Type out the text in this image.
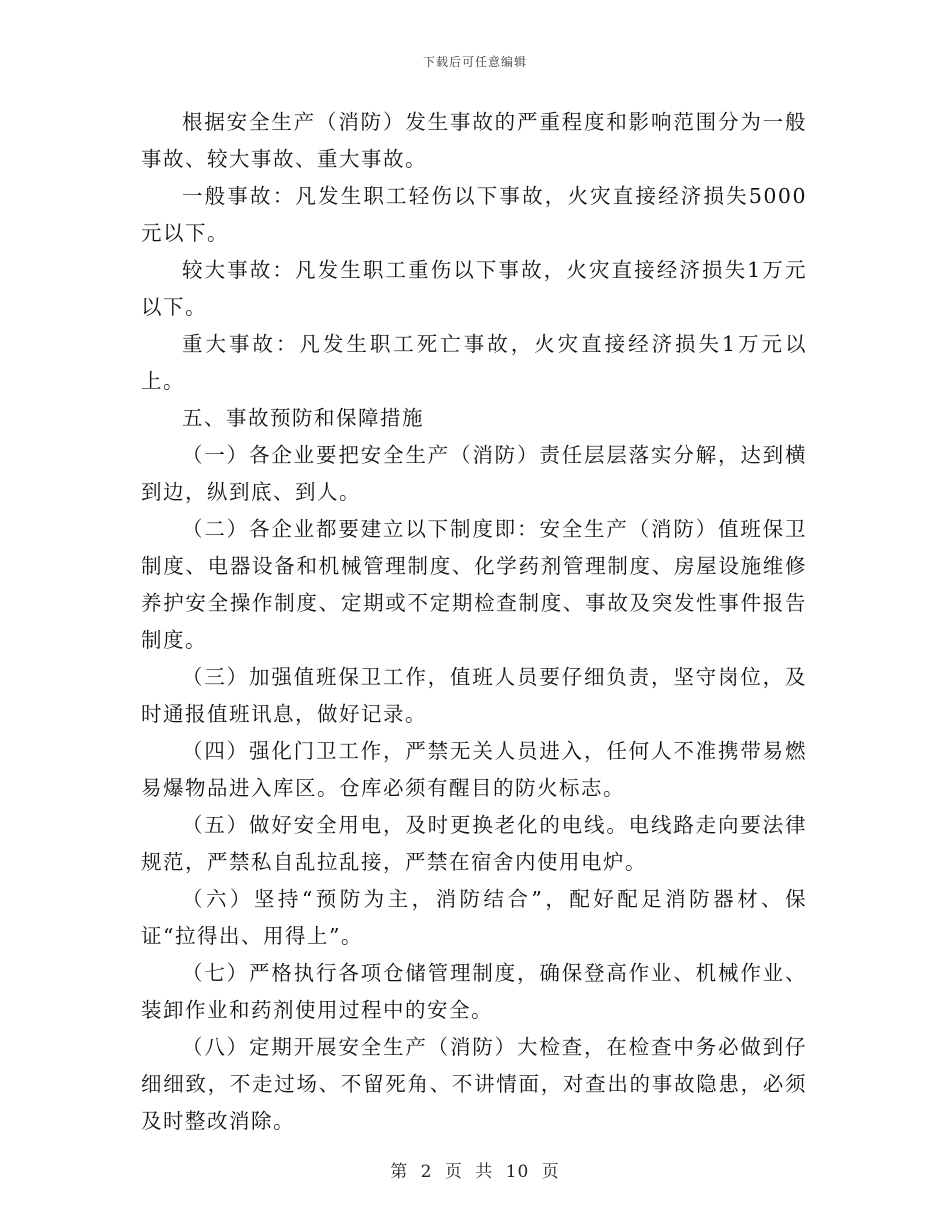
下载后可任意编辑

根据安全生产（消防）发生事故的严重程度和影响范围分为一般事故、较大事故、重大事故。

一般事故：凡发生职工轻伤以下事故，火灾直接经济损失5000元以下。

较大事故：凡发生职工重伤以下事故，火灾直接经济损失1万元以下。

重大事故：凡发生职工死亡事故，火灾直接经济损失1万元以上。

五、事故预防和保障措施

（一）各企业要把安全生产（消防）责任层层落实分解，达到横到边，纵到底、到人。

（二）各企业都要建立以下制度即：安全生产（消防）值班保卫制度、电器设备和机械管理制度、化学药剂管理制度、房屋设施维修养护安全操作制度、定期或不定期检查制度、事故及突发性事件报告制度。

（三）加强值班保卫工作，值班人员要仔细负责，坚守岗位，及时通报值班讯息，做好记录。

（四）强化门卫工作，严禁无关人员进入，任何人不准携带易燃易爆物品进入库区。仓库必须有醒目的防火标志。

（五）做好安全用电，及时更换老化的电线。电线路走向要法律规范，严禁私自乱拉乱接，严禁在宿舍内使用电炉。

（六）坚持“预防为主，消防结合”，配好配足消防器材、保证“拉得出、用得上”。

（七）严格执行各项仓储管理制度，确保登高作业、机械作业、装卸作业和药剂使用过程中的安全。

（八）定期开展安全生产（消防）大检查，在检查中务必做到仔细细致，不走过场、不留死角、不讲情面，对查出的事故隐患，必须及时整改消除。

第 2 页 共 10 页
